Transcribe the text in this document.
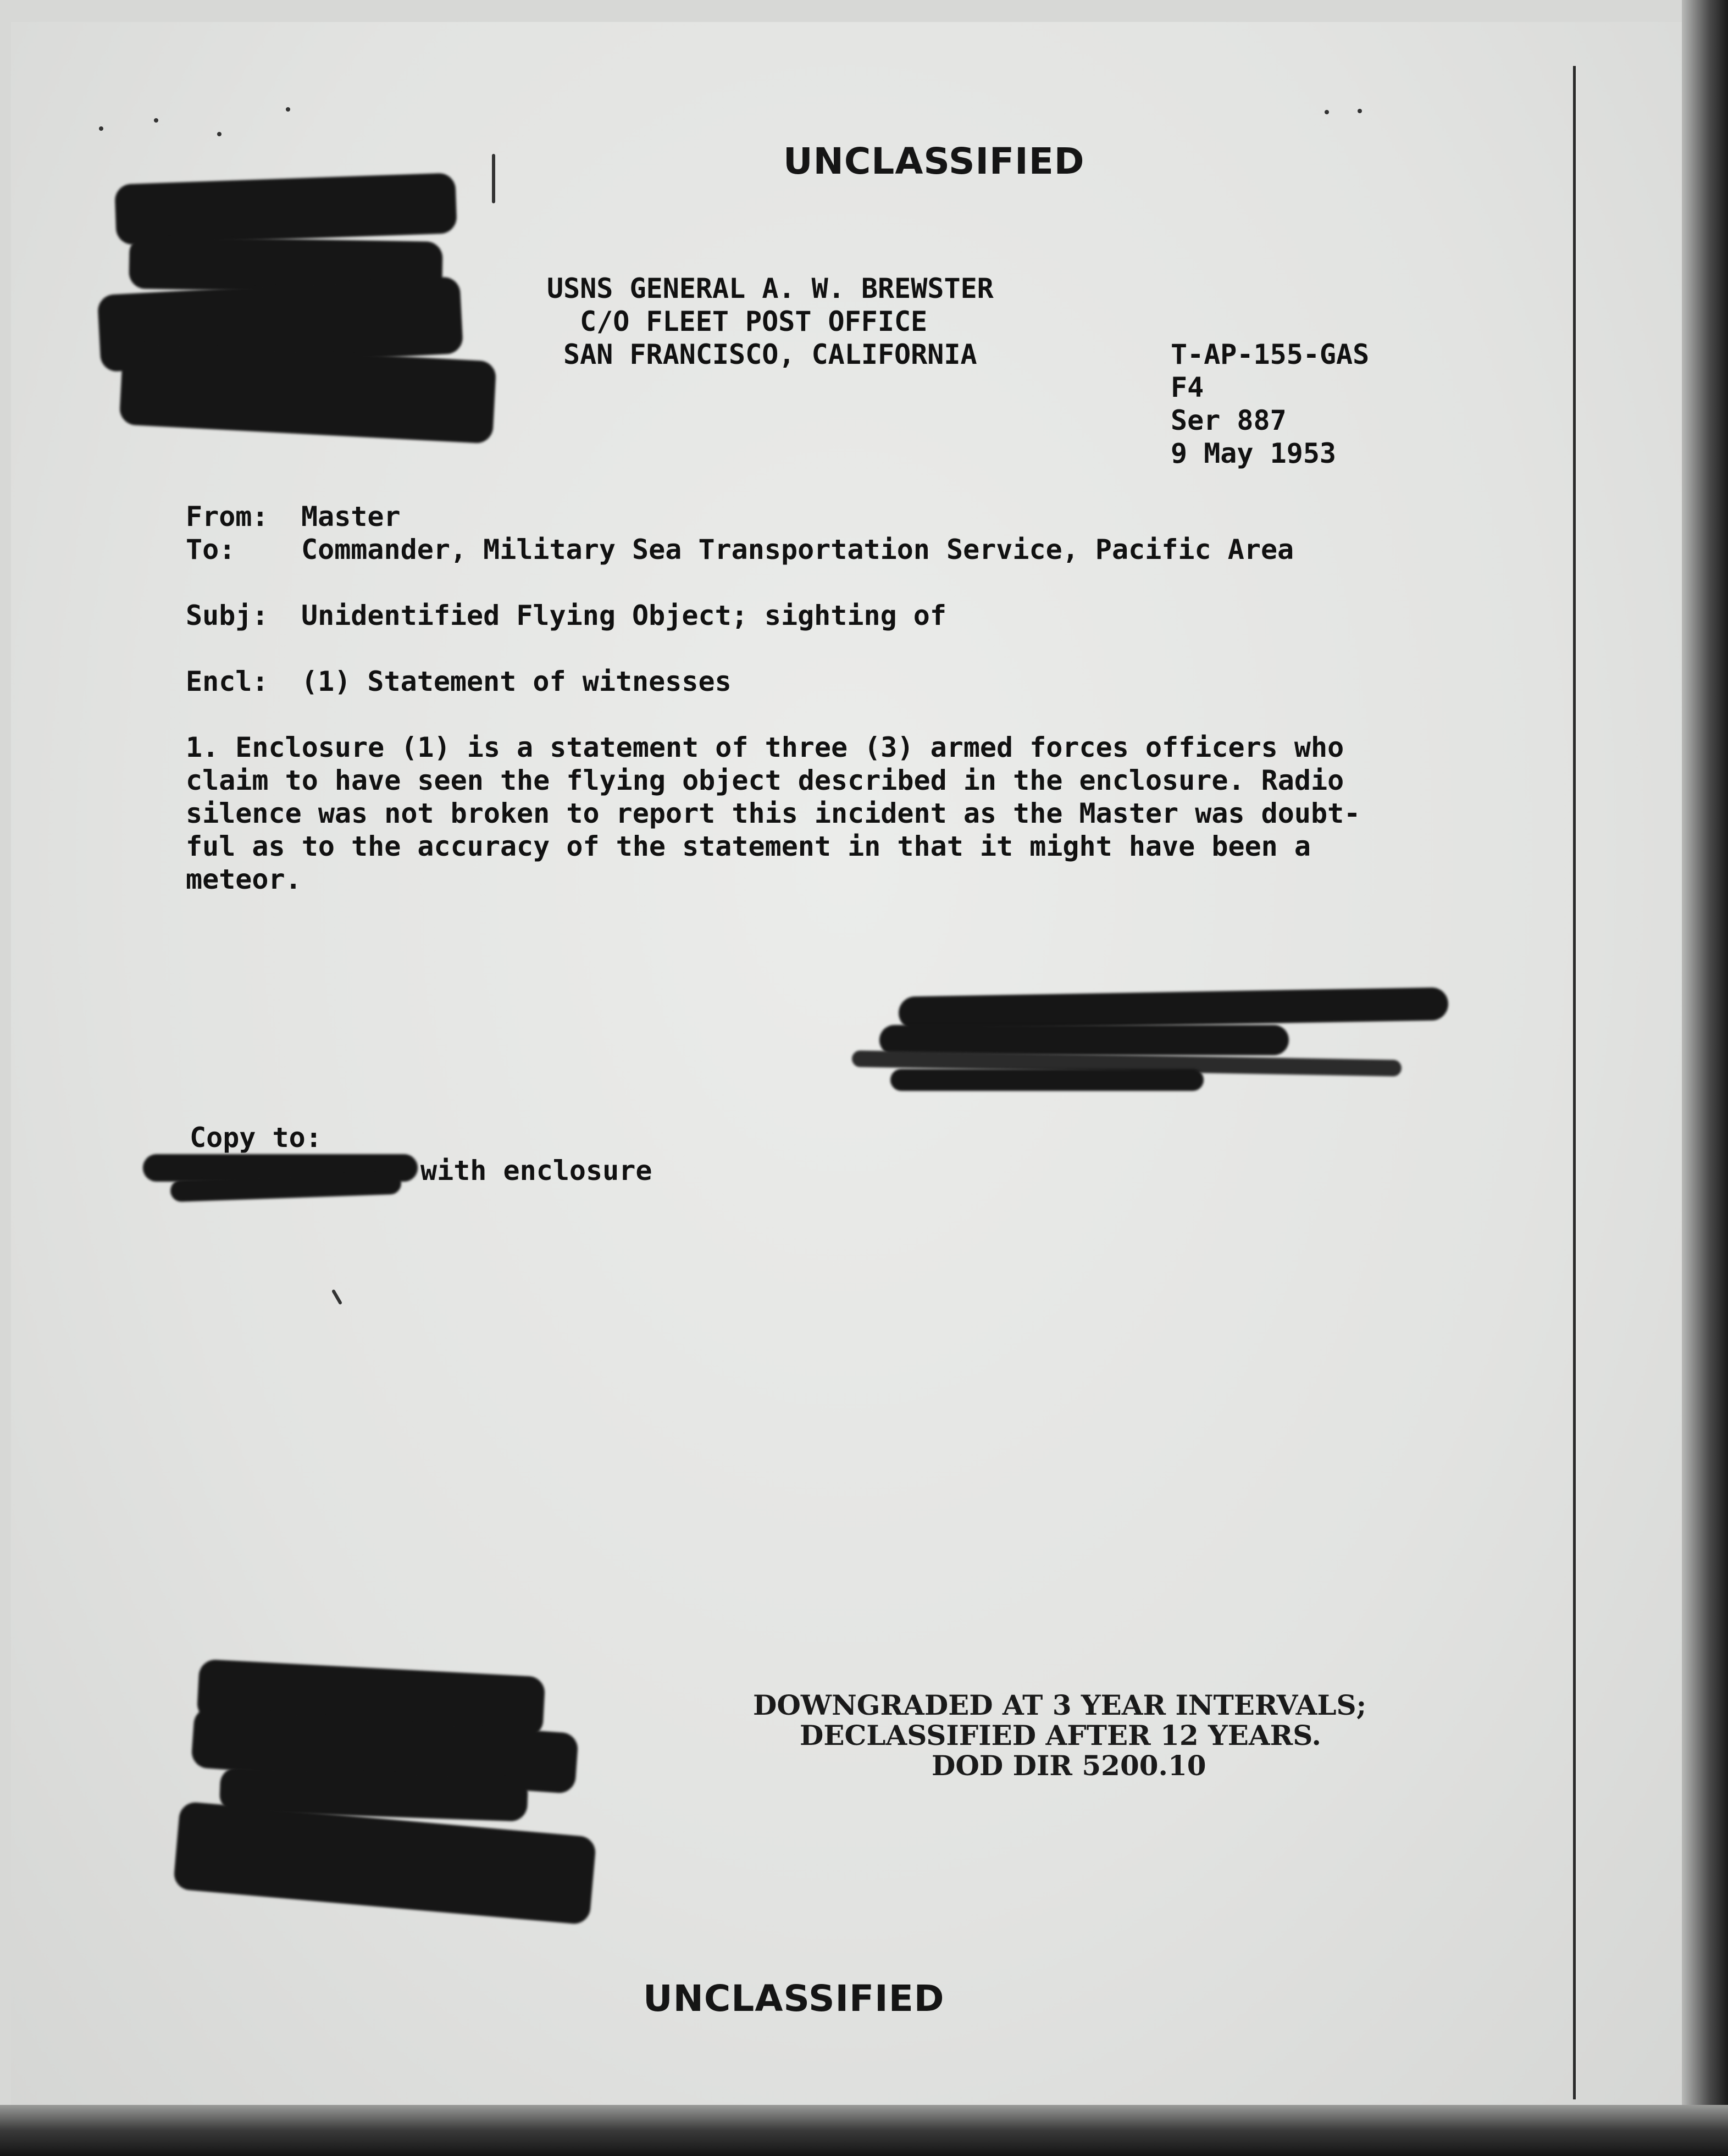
UNCLASSIFIED
USNS GENERAL A. W. BREWSTER
C/O FLEET POST OFFICE
SAN FRANCISCO, CALIFORNIA	T-AP-155-GAS
F4
Ser 887
9 May 1953
From: Master
To: Commander, Military Sea Transportation Service, Pacific Area
Subj: Unidentified Flying Object; sighting of
Encl: (1) Statement of witnesses
1. Enclosure (1) is a statement of three (3) armed forces officers who
claim to have seen the flying object described in the enclosure. Radio
silence was not broken to report this incident as the Master was doubt-
ful as to the accuracy of the statement in that it might have been a
meteor.
Copy to:
with enclosure
DOWNGRADED AT 3 YEAR INTERVALS;
DECLASSIFIED AFTER 12 YEARS.
DOD DIR 5200.10
UNCLASSIFIED
